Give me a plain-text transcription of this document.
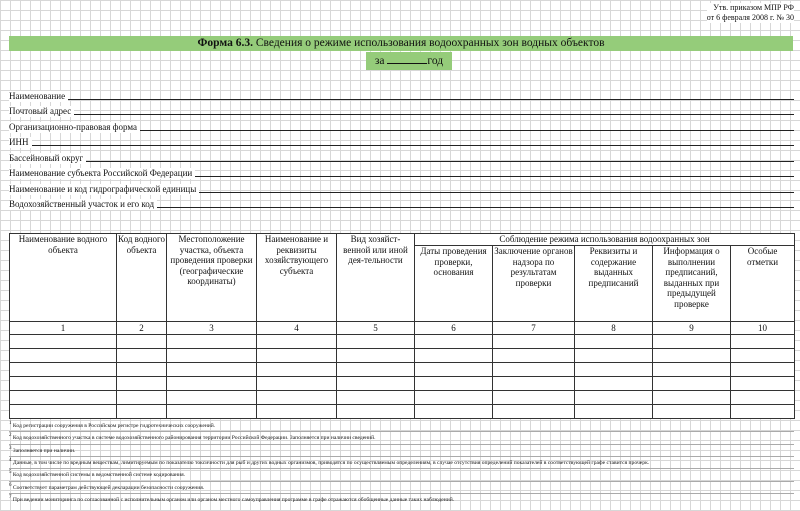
Утв. приказом МПР РФ
от 6 февраля 2008 г. № 30
Форма 6.3. Сведения о режиме использования водоохранных зон водных объектов
за	год
Наименование
Почтовый адрес
Организационно-правовая форма
ИНН
Бассейновый округ
Наименование субъекта Российской Федерации
Наименование и код гидрографической единицы
Водохозяйственный участок и его код
Наименование водного объекта	Код водного объекта	Местоположение участка, объекта проведения проверки (географические координаты)	Наименование и реквизиты хозяйствующего субъекта	Вид хозяйст-венной или иной дея-тельности	Соблюдение режима использования водоохранных зон				
					Даты проведения проверки, основания	Заключение органов надзора по результатам проверки	Реквизиты и содержание выданных предписаний	Информация о выполнении предписаний, выданных при предыдущей проверке	Особые отметки
1	2	3	4	5	6	7	8	9	10

$^1$ Код регистрации сооружения в Российском регистре гидротехнических сооружений.
$^2$ Код водохозяйственного участка в системе водохозяйственного районирования территории Российской Федерации. Заполняется при наличии сведений.
$^3$ Заполняется при наличии.
$^4$ Данные, в том числе по вредным веществам, лимитируемым по показателю токсичности для рыб и других водных организмов, приводятся по осуществляемым определениям, в случае отсутствия определений показателей в соответствующей графе ставится прочерк.
$^5$ Код водохозяйственной системы в ведомственной системе кодирования.
$^6$ Соответствует параметрам действующей декларации безопасности сооружения.
$^7$ При ведении мониторинга по согласованной с исполнительным органом или органом местного самоуправления программе в графе отражаются обобщенные данные таких наблюдений.
